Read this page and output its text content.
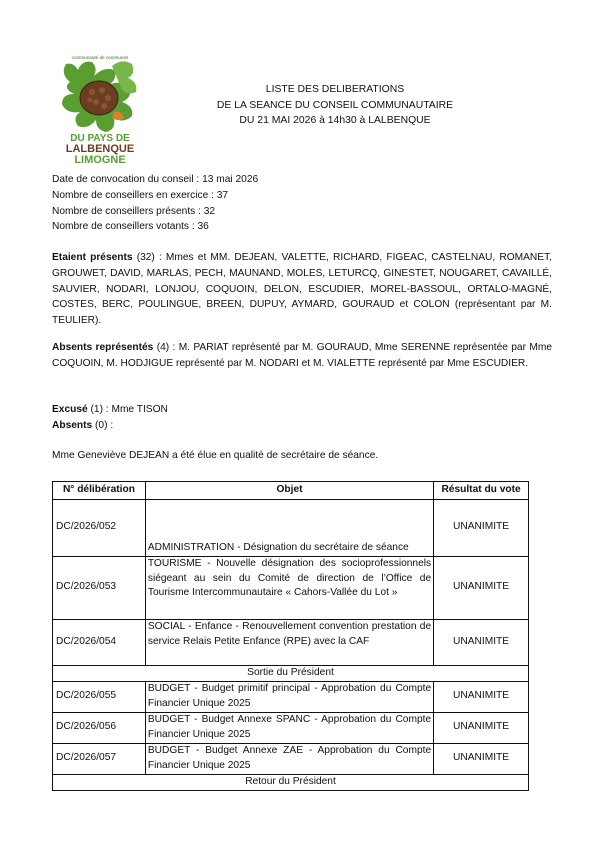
communauté de communes
DU PAYS DE
LALBENQUE
LIMOGNE
LISTE DES DELIBERATIONS
DE LA SEANCE DU CONSEIL COMMUNAUTAIRE
DU 21 MAI 2026 à 14h30 à LALBENQUE

Date de convocation du conseil : 13 mai 2026

Nombre de conseillers en exercice : 37

Nombre de conseillers présents : 32

Nombre de conseillers votants : 36

Etaient présents (32) : Mmes et MM. DEJEAN, VALETTE, RICHARD, FIGEAC, CASTELNAU, ROMANET, GROUWET, DAVID, MARLAS, PECH, MAUNAND, MOLES, LETURCQ, GINESTET, NOUGARET, CAVAILLÉ, SAUVIER, NODARI, LONJOU, COQUOIN, DELON, ESCUDIER, MOREL-BASSOUL, ORTALO-MAGNÉ, COSTES, BERC, POULINGUE, BREEN, DUPUY, AYMARD, GOURAUD et COLON (représentant par M. TEULIER).
Absents représentés (4) : M. PARIAT représenté par M. GOURAUD, Mme SERENNE représentée par Mme COQUOIN, M. HODJIGUE représenté par M. NODARI et M. VIALETTE représenté par Mme ESCUDIER.
Excusé (1) : Mme TISON
Absents (0) :
Mme Geneviève DEJEAN a été élue en qualité de secrétaire de séance.
N° délibération	Objet	Résultat du vote
DC/2026/052	ADMINISTRATION - Désignation du secrétaire de séance	UNANIMITE
DC/2026/053	TOURISME - Nouvelle désignation des socioprofessionnels siégeant au sein du Comité de direction de l’Office de Tourisme Intercommunautaire « Cahors-Vallée du Lot »	UNANIMITE
DC/2026/054	SOCIAL - Enfance - Renouvellement convention prestation de service Relais Petite Enfance (RPE) avec la CAF	UNANIMITE
Sortie du Président		
DC/2026/055	BUDGET - Budget primitif principal - Approbation du Compte Financier Unique 2025	UNANIMITE
DC/2026/056	BUDGET - Budget Annexe SPANC - Approbation du Compte Financier Unique 2025	UNANIMITE
DC/2026/057	BUDGET - Budget Annexe ZAE - Approbation du Compte Financier Unique 2025	UNANIMITE
Retour du Président		
